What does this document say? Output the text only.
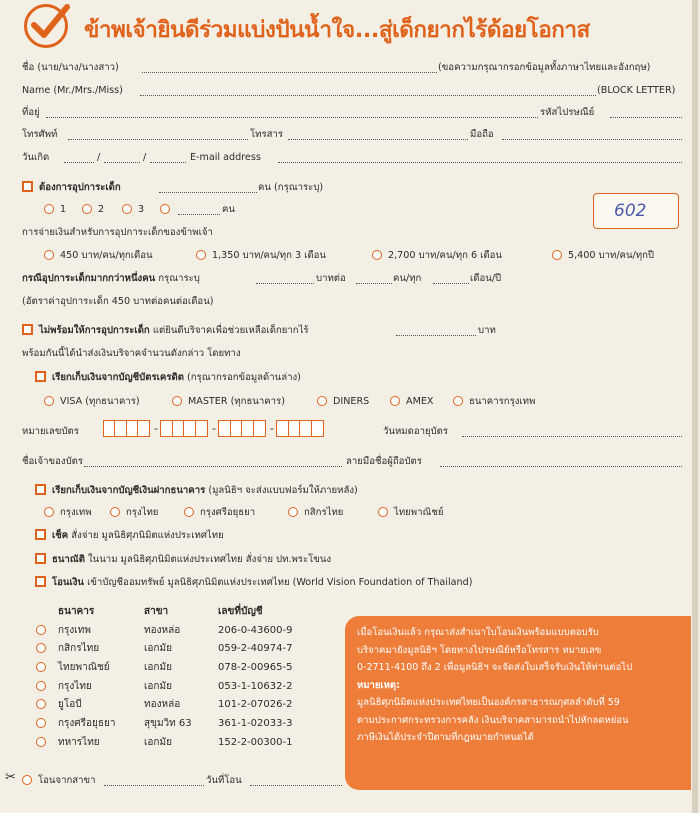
ข้าพเจ้ายินดีร่วมแบ่งปันน้ำใจ...สู่เด็กยากไร้ด้อยโอกาส
ชื่อ (นาย/นาง/นางสาว)	(ขอความกรุณากรอกข้อมูลทั้งภาษาไทยและอังกฤษ)
Name (Mr./Mrs./Miss)	(BLOCK LETTER)
ที่อยู่	รหัสไปรษณีย์
โทรศัพท์	โทรสาร	มือถือ
วันเกิด	/	/	E-mail address
ต้องการอุปการะเด็ก	คน (กรุณาระบุ)
602
1	2	3	คน
การจ่ายเงินสำหรับการอุปการะเด็กของข้าพเจ้า
450 บาท/คน/ทุกเดือน	1,350 บาท/คน/ทุก 3 เดือน	2,700 บาท/คน/ทุก 6 เดือน	5,400 บาท/คน/ทุกปี
กรณีอุปการะเด็กมากกว่าหนึ่งคน กรุณาระบุ	บาทต่อ	คน/ทุก	เดือน/ปี
(อัตราค่าอุปการะเด็ก 450 บาทต่อคนต่อเดือน)
ไม่พร้อมให้การอุปการะเด็ก แต่ยินดีบริจาคเพื่อช่วยเหลือเด็กยากไร้	บาท
พร้อมกันนี้ได้นำส่งเงินบริจาคจำนวนดังกล่าว โดยทาง
เรียกเก็บเงินจากบัญชีบัตรเครดิต (กรุณากรอกข้อมูลด้านล่าง)
VISA (ทุกธนาคาร)	MASTER (ทุกธนาคาร)	DINERS	AMEX	ธนาคารกรุงเทพ
หมายเลขบัตร	-	-	-	วันหมดอายุบัตร
ชื่อเจ้าของบัตร	ลายมือชื่อผู้ถือบัตร
เรียกเก็บเงินจากบัญชีเงินฝากธนาคาร (มูลนิธิฯ จะส่งแบบฟอร์มให้ภายหลัง)
กรุงเทพ	กรุงไทย	กรุงศรีอยุธยา	กสิกรไทย	ไทยพาณิชย์
เช็ค สั่งจ่าย มูลนิธิศุภนิมิตแห่งประเทศไทย
ธนาณัติ ในนาม มูลนิธิศุภนิมิตแห่งประเทศไทย สั่งจ่าย ปท.พระโขนง
โอนเงิน เข้าบัญชีออมทรัพย์ มูลนิธิศุภนิมิตแห่งประเทศไทย (World Vision Foundation of Thailand)
	ธนาคาร	สาขา	เลขที่บัญชี
	กรุงเทพ	ทองหล่อ	206-0-43600-9
	กสิกรไทย	เอกมัย	059-2-40974-7
	ไทยพาณิชย์	เอกมัย	078-2-00965-5
	กรุงไทย	เอกมัย	053-1-10632-2
	ยูโอบี	ทองหล่อ	101-2-07026-2
	กรุงศรีอยุธยา	สุขุมวิท 63	361-1-02033-3
	ทหารไทย	เอกมัย	152-2-00300-1
✂	โอนจากสาขา	วันที่โอน
เมื่อโอนเงินแล้ว กรุณาส่งสำเนาใบโอนเงินพร้อมแบบตอบรับ
บริจาคมายังมูลนิธิฯ โดยทางไปรษณีย์หรือโทรสาร หมายเลข
0-2711-4100 ถึง 2 เพื่อมูลนิธิฯ จะจัดส่งใบเสร็จรับเงินให้ท่านต่อไป
หมายเหตุ:
มูลนิธิศุภนิมิตแห่งประเทศไทยเป็นองค์กรสาธารณกุศลลำดับที่ 59
ตามประกาศกระทรวงการคลัง เงินบริจาคสามารถนำไปหักลดหย่อน
ภาษีเงินได้ประจำปีตามที่กฎหมายกำหนดได้
